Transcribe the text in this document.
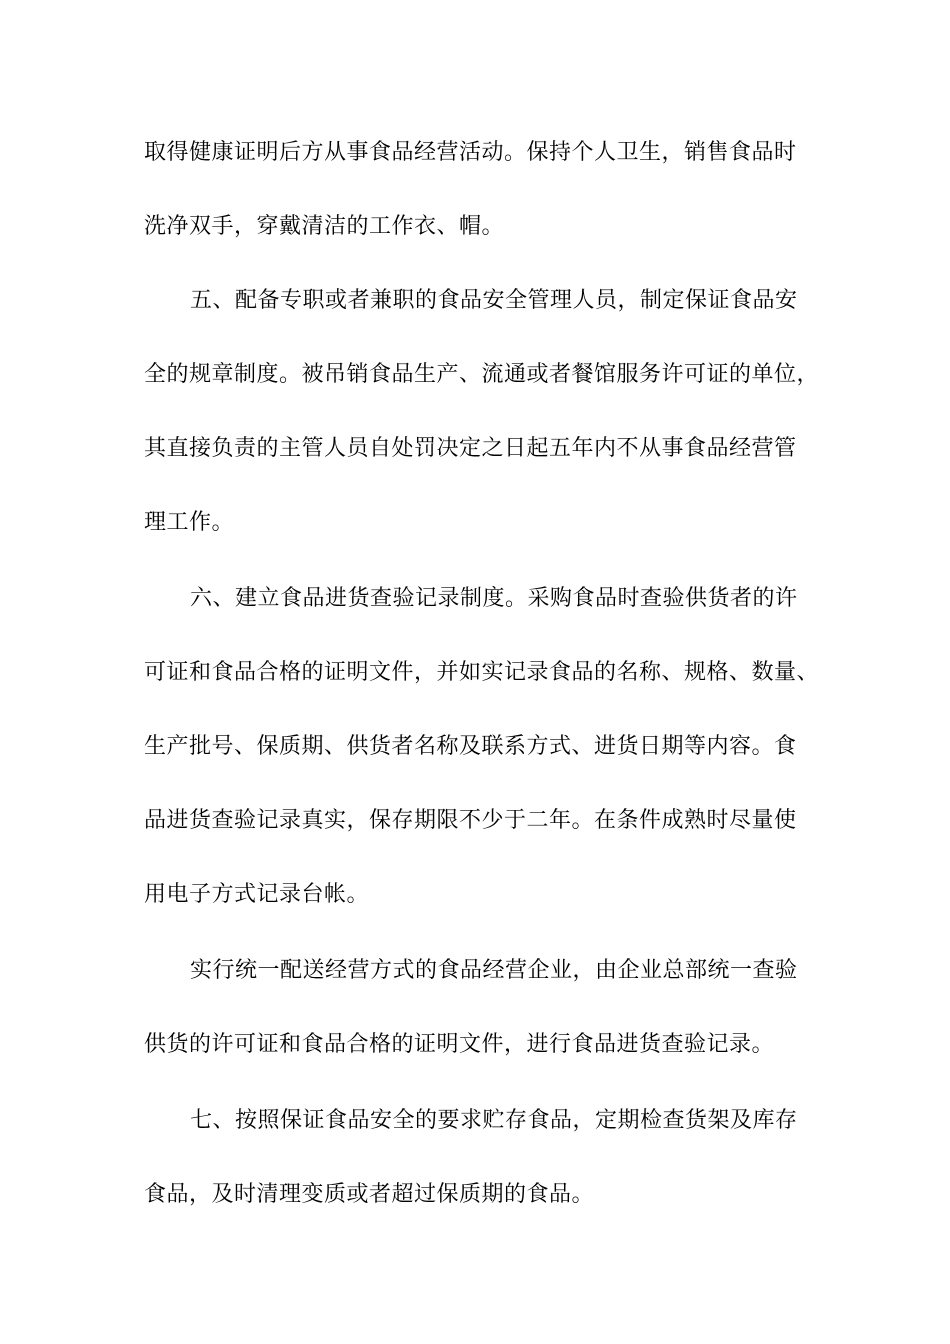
取得健康证明后方从事食品经营活动。保持个人卫生，销售食品时
洗净双手，穿戴清洁的工作衣、帽。
五、配备专职或者兼职的食品安全管理人员，制定保证食品安
全的规章制度。被吊销食品生产、流通或者餐馆服务许可证的单位，
其直接负责的主管人员自处罚决定之日起五年内不从事食品经营管
理工作。
六、建立食品进货查验记录制度。采购食品时查验供货者的许
可证和食品合格的证明文件，并如实记录食品的名称、规格、数量、
生产批号、保质期、供货者名称及联系方式、进货日期等内容。食
品进货查验记录真实，保存期限不少于二年。在条件成熟时尽量使
用电子方式记录台帐。
实行统一配送经营方式的食品经营企业，由企业总部统一查验
供货的许可证和食品合格的证明文件，进行食品进货查验记录。
七、按照保证食品安全的要求贮存食品，定期检查货架及库存
食品，及时清理变质或者超过保质期的食品。
